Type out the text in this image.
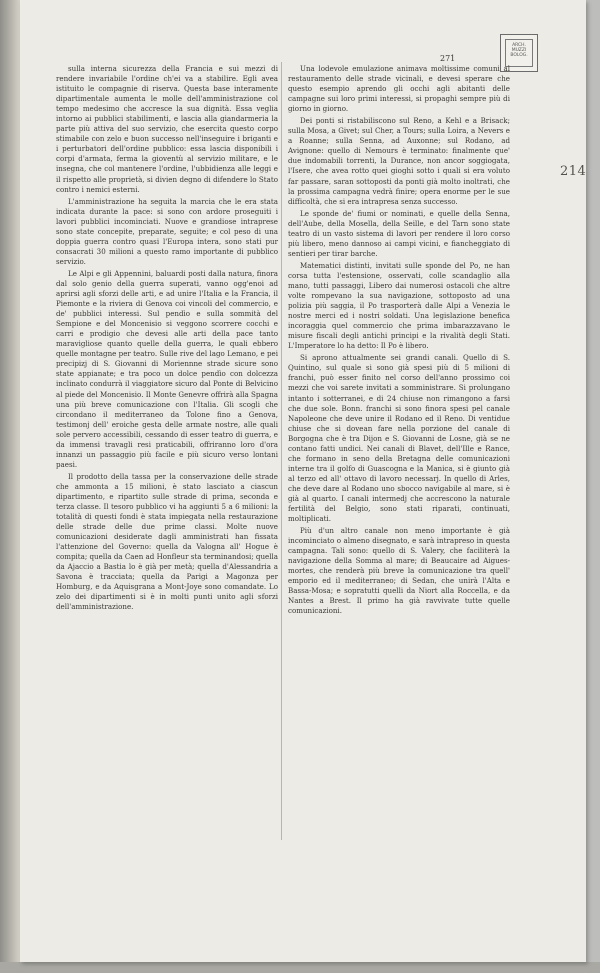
ARCH.
MUZZI
BOLOG.
271
214

sulla interna sicurezza della Francia e sui mezzi di rendere invariabile l'ordine ch'ei va a stabilire. Egli avea istituito le compagnie di riserva. Questa base interamente dipartimentale aumenta le molle dell'amministrazione col tempo medesimo che accresce la sua dignità. Essa veglia intorno ai pubblici stabilimenti, e lascia alla giandarmeria la parte più attiva del suo servizio, che esercita questo corpo stimabile con zelo e buon successo nell'inseguire i briganti e i perturbatori dell'ordine pubblico: essa lascia disponibili i corpi d'armata, ferma la gioventù al servizio militare, e le insegna, che col mantenere l'ordine, l'ubbidienza alle leggi e il rispetto alle proprietà, si divien degno di difendere lo Stato contro i nemici esterni.

L'amministrazione ha seguita la marcia che le era stata indicata durante la pace: si sono con ardore proseguiti i lavori pubblici incominciati. Nuove e grandiose intraprese sono state concepite, preparate, seguite; e col peso di una doppia guerra contro quasi l'Europa intera, sono stati pur consacrati 30 milioni a questo ramo importante di pubblico servizio.

Le Alpi e gli Appennini, baluardi posti dalla natura, finora dal solo genio della guerra superati, vanno ogg'enoi ad aprirsi agli sforzi delle arti, e ad unire l'Italia e la Francia, il Piemonte e la riviera di Genova coi vincoli del commercio, e de' pubblici interessi. Sul pendìo e sulla sommità del Sempione e del Moncenisio si veggono scorrere cocchi e carri e prodigio che devesi alle arti della pace tanto maravigliose quanto quelle della guerra, le quali ebbero quelle montagne per teatro. Sulle rive del lago Lemano, e pei precipizj di S. Giovanni di Moriennne strade sicure sono state appianate; e tra poco un dolce pendìo con dolcezza inclinato condurrà il viaggiatore sicuro dal Ponte di Belvicino al piede del Moncenisio. Il Monte Genevre offrirà alla Spagna una più breve comunicazione con l'Italia. Gli scogli che circondano il mediterraneo da Tolone fino a Genova, testimonj dell' eroiche gesta delle armate nostre, alle quali sole pervero accessibili, cessando di esser teatro di guerra, e da immensi travagli resi praticabili, offriranno loro d'ora innanzi un passaggio più facile e più sicuro verso lontani paesi.

Il prodotto della tassa per la conservazione delle strade che ammonta a 15 milioni, è stato lasciato a ciascun dipartimento, e ripartito sulle strade di prima, seconda e terza classe. Il tesoro pubblico vi ha aggiunti 5 a 6 milioni: la totalità di questi fondi è stata impiegata nella restaurazione delle strade delle due prime classi. Molte nuove comunicazioni desiderate dagli amministrati han fissata l'attenzione del Governo: quella da Valogna all' Hogue è compita; quella da Caen ad Honfleur sta terminandosi; quella da Ajaccio a Bastia lo è già per metà; quella d'Alessandria a Savona è tracciata; quella da Parigi a Magonza per Homburg, e da Aquisgrana a Mont-Joye sono comandate. Lo zelo dei dipartimenti si è in molti punti unito agli sforzi dell'amministrazione.

Una lodevole emulazione animava moltissime comuni al restauramento delle strade vicinali, e devesi sperare che questo esempio aprendo gli occhi agli abitanti delle campagne sui loro primi interessi, si propaghi sempre più di giorno in giorno.

Dei ponti si ristabiliscono sul Reno, a Kehl e a Brisack; sulla Mosa, a Givet; sul Cher, a Tours; sulla Loira, a Nevers e a Roanne; sulla Senna, ad Auxonne; sul Rodano, ad Avignone: quello di Nemours è terminato: finalmente que' due indomabili torrenti, la Durance, non ancor soggiogata, l'Isere, che avea rotto quei gioghi sotto i quali si era voluto far passare, saran sottoposti da ponti già molto inoltrati, che la prossima campagna vedrà finire; opera enorme per le sue difficoltà, che si era intrapresa senza successo.

Le sponde de' fiumi or nominati, e quelle della Senna, dell'Aube, della Mosella, della Seille, e del Tarn sono state teatro di un vasto sistema di lavori per rendere il loro corso più libero, meno dannoso ai campi vicini, e fiancheggiato di sentieri per tirar barche.

Matematici distinti, invitati sulle sponde del Po, ne han corsa tutta l'estensione, osservati, colle scandaglio alla mano, tutti passaggi, Libero dai numerosi ostacoli che altre volte rompevano la sua navigazione, sottoposto ad una polizia più saggia, il Po trasporterà dalle Alpi a Venezia le nostre merci ed i nostri soldati. Una legislazione benefica incoraggia quel commercio che prima imbarazzavano le misure fiscali degli antichi principi e la rivalità degli Stati. L'Imperatore lo ha detto: Il Po è libero.

Si aprono attualmente sei grandi canali. Quello di S. Quintino, sul quale si sono già spesi più di 5 milioni di franchi, può esser finito nel corso dell'anno prossimo coi mezzi che voi sarete invitati a somministrare. Si prolungano intanto i sotterranei, e di 24 chiuse non rimangono a farsi che due sole. Bonn. franchi si sono finora spesi pel canale Napoleone che deve unire il Rodano ed il Reno. Di ventidue chiuse che si dovean fare nella porzione del canale di Borgogna che è tra Dijon e S. Giovanni de Losne, già se ne contano fatti undici. Nei canali di Blavet, dell'Ille e Rance, che formano in seno della Bretagna delle comunicazioni interne tra il golfo di Guascogna e la Manica, si è giunto già al terzo ed all' ottavo di lavoro necessarj. In quello di Arles, che deve dare al Rodano uno sbocco navigabile al mare, si è già al quarto. I canali intermedj che accrescono la naturale fertilità del Belgio, sono stati riparati, continuati, moltiplicati.

Più d'un altro canale non meno importante è già incominciato o almeno disegnato, e sarà intrapreso in questa campagna. Tali sono: quello di S. Valery, che faciliterà la navigazione della Somma al mare; di Beaucaire ad Aigues-mortes, che renderà più breve la comunicazione tra quell' emporio ed il mediterraneo; di Sedan, che unirà l'Alta e Bassa-Mosa; e sopratutti quelli da Niort alla Roccella, e da Nantes a Brest. Il primo ha già ravvivate tutte quelle comunicazioni.
